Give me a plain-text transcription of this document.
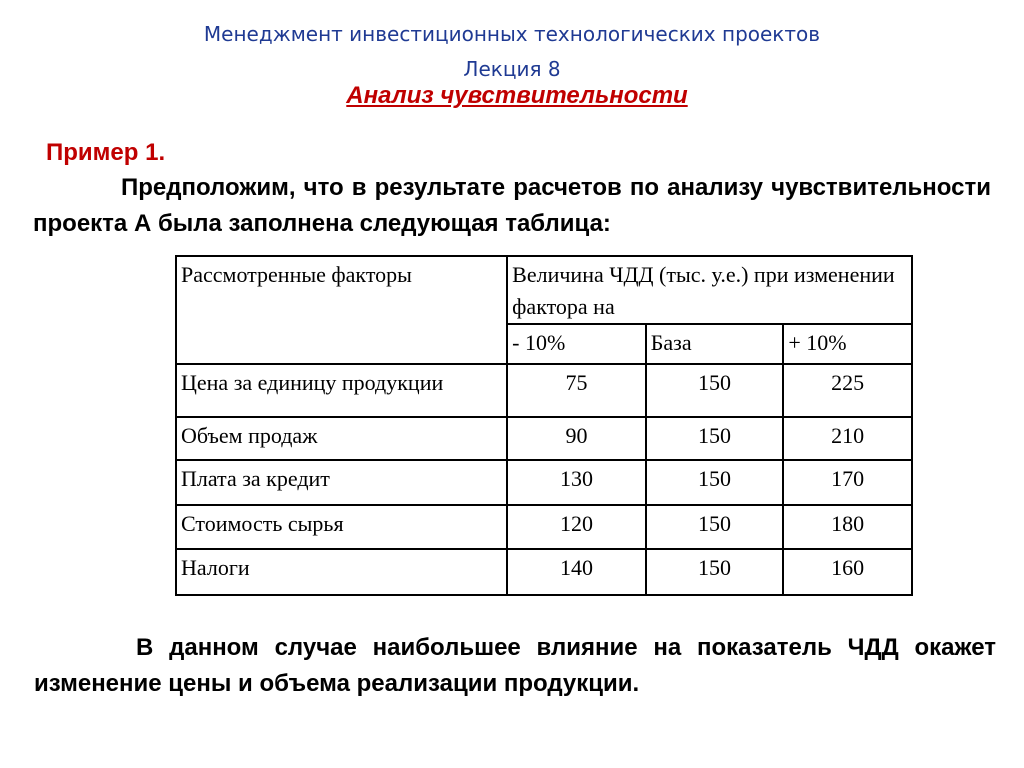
Менеджмент инвестиционных технологических проектов
Лекция 8
Анализ чувствительности
Пример 1.
Предположим, что в результате расчетов по анализу чувствительности проекта А была заполнена следующая таблица:
Рассмотренные факторы	Величина ЧДД (тыс. у.е.) при изменении фактора на		
	- 10%	База	+ 10%
Цена за единицу продукции	75	150	225
Объем продаж	90	150	210
Плата за кредит	130	150	170
Стоимость сырья	120	150	180
Налоги	140	150	160
В данном случае наибольшее влияние на показатель ЧДД окажет изменение цены и объема реализации продукции.
